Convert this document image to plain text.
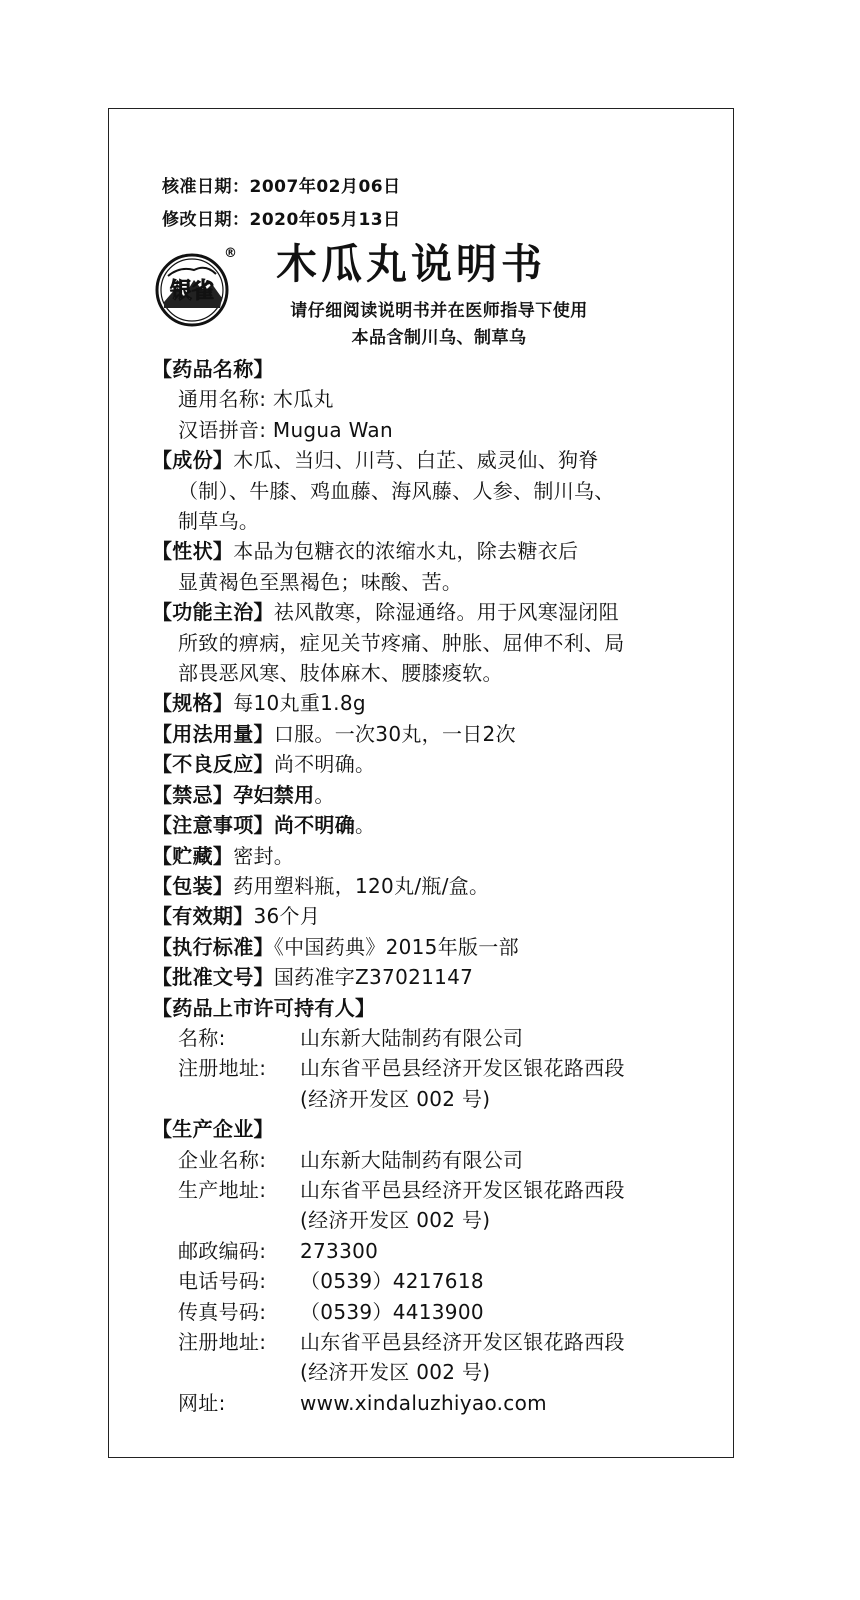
核准日期：2007年02月06日
修改日期：2020年05月13日
银雀
® 木瓜丸说明书
请仔细阅读说明书并在医师指导下使用
本品含制川乌、制草乌
【药品名称】
通用名称: 木瓜丸
汉语拼音: Mugua Wan
【成份】木瓜、当归、川芎、白芷、威灵仙、狗脊
（制）、牛膝、鸡血藤、海风藤、人参、制川乌、
制草乌。
【性状】本品为包糖衣的浓缩水丸，除去糖衣后
显黄褐色至黑褐色；味酸、苦。
【功能主治】祛风散寒，除湿通络。用于风寒湿闭阻
所致的痹病，症见关节疼痛、肿胀、屈伸不利、局
部畏恶风寒、肢体麻木、腰膝痠软。
【规格】每10丸重1.8g
【用法用量】口服。一次30丸，一日2次
【不良反应】尚不明确。
【禁忌】孕妇禁用。
【注意事项】尚不明确。
【贮藏】密封。
【包装】药用塑料瓶，120丸/瓶/盒。
【有效期】36个月
【执行标准】《中国药典》2015年版一部
【批准文号】国药准字Z37021147
【药品上市许可持有人】
名称:	山东新大陆制药有限公司
注册地址:	山东省平邑县经济开发区银花路西段
(经济开发区 002 号)
【生产企业】
企业名称:	山东新大陆制药有限公司
生产地址:	山东省平邑县经济开发区银花路西段
(经济开发区 002 号)
邮政编码:	273300
电话号码:	（0539）4217618
传真号码:	（0539）4413900
注册地址:	山东省平邑县经济开发区银花路西段
(经济开发区 002 号)
网址:	www.xindaluzhiyao.com
